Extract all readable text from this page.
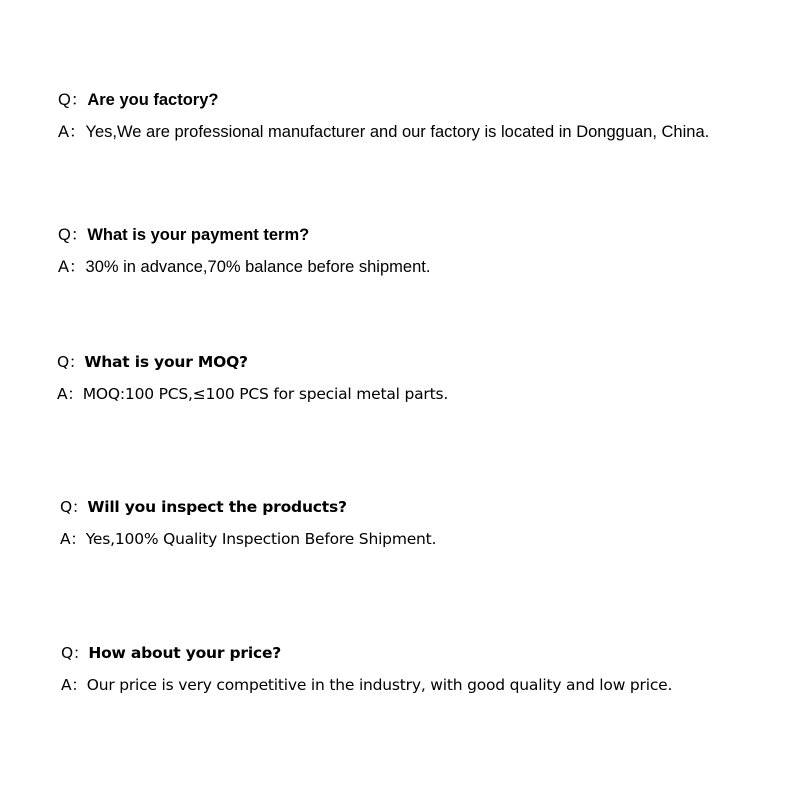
Q：Are you factory?
A：Yes,We are professional manufacturer and our factory is located in Dongguan, China.
Q：What is your payment term?
A：30% in advance,70% balance before shipment.
Q：What is your MOQ?
A：MOQ:100 PCS,≤100 PCS for special metal parts.
Q：Will you inspect the products?
A：Yes,100% Quality Inspection Before Shipment.
Q：How about your price?
A：Our price is very competitive in the industry, with good quality and low price.
